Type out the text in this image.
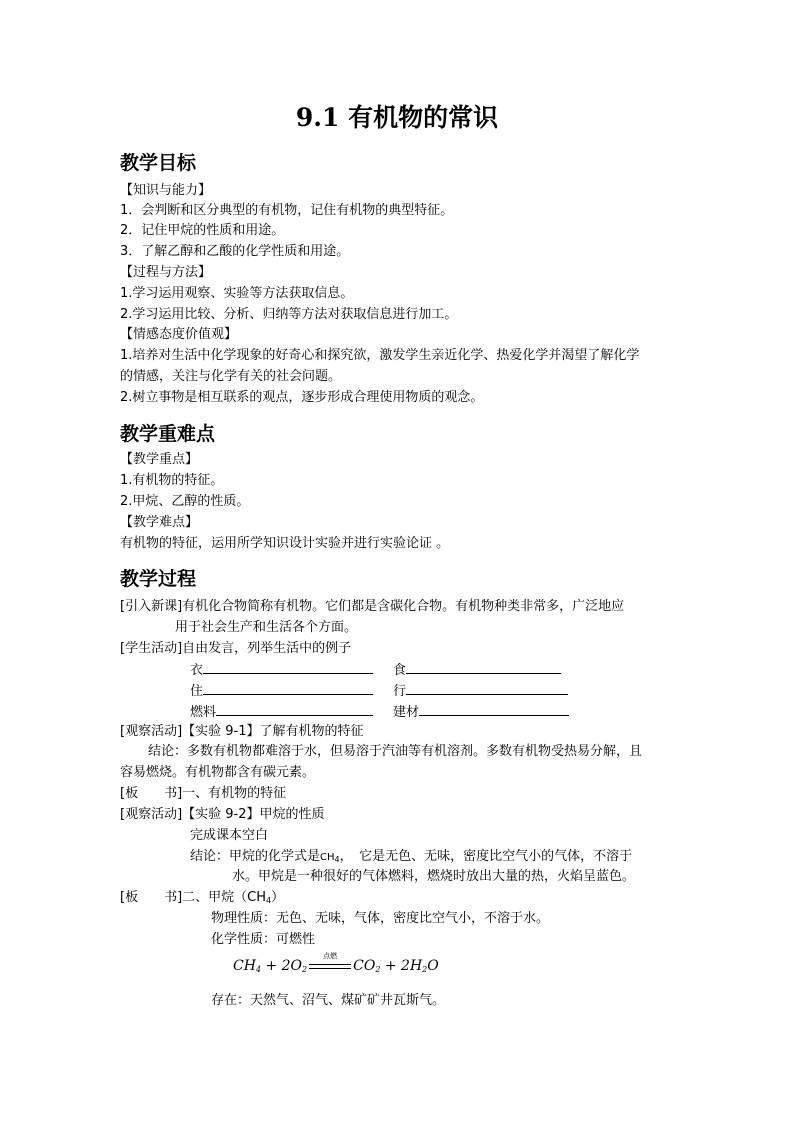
9.1 有机物的常识
教学目标
【知识与能力】
1．会判断和区分典型的有机物，记住有机物的典型特征。
2．记住甲烷的性质和用途。
3．了解乙醇和乙酸的化学性质和用途。
【过程与方法】
1.学习运用观察、实验等方法获取信息。
2.学习运用比较、分析、归纳等方法对获取信息进行加工。
【情感态度价值观】
1.培养对生活中化学现象的好奇心和探究欲，激发学生亲近化学、热爱化学并渴望了解化学
的情感，关注与化学有关的社会问题。
2.树立事物是相互联系的观点，逐步形成合理使用物质的观念。
教学重难点
【教学重点】
1.有机物的特征。
2.甲烷、乙醇的性质。
【教学难点】
有机物的特征，运用所学知识设计实验并进行实验论证 。
教学过程
[引入新课]有机化合物简称有机物。它们都是含碳化合物。有机物种类非常多，广泛地应
用于社会生产和生活各个方面。
[学生活动]自由发言，列举生活中的例子
衣	食
住	行
燃料	建材
[观察活动]【实验 9-1】了解有机物的特征
结论：多数有机物都难溶于水，但易溶于汽油等有机溶剂。多数有机物受热易分解，且
容易燃烧。有机物都含有碳元素。
[板　　书]一、有机物的特征
[观察活动]【实验 9-2】甲烷的性质
完成课本空白
结论：甲烷的化学式是$CH_4$，　它是无色、无味，密度比空气小的气体，不溶于
水。甲烷是一种很好的气体燃料，燃烧时放出大量的热，火焰呈蓝色。
[板　　书]二、甲烷$(CH_4)$
物理性质：无色、无味，气体，密度比空气小，不溶于水。
化学性质：可燃性
$CH_4 + 2O_2$
点燃
$CO_2 + 2H_2O$
存在：天然气、沼气、煤矿矿井瓦斯气。
